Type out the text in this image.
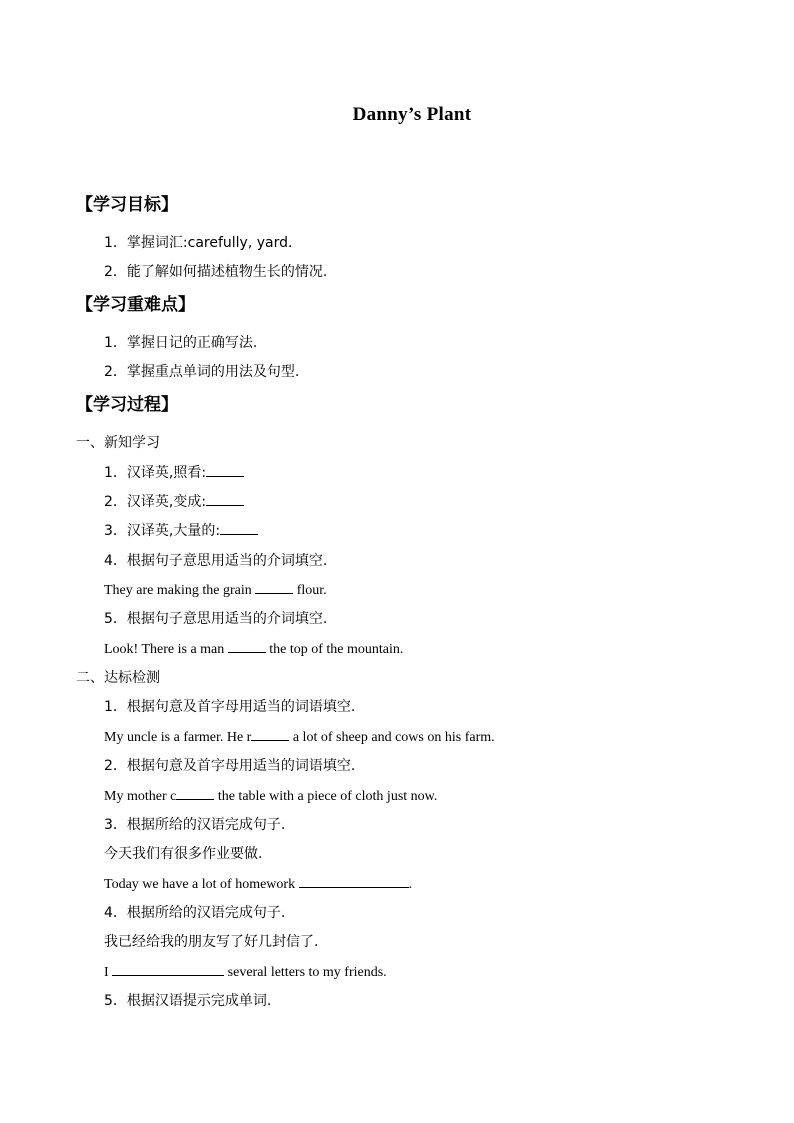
Danny’s Plant
【学习目标】
1．掌握词汇:carefully, yard．
2．能了解如何描述植物生长的情况.
【学习重难点】
1．掌握日记的正确写法.
2．掌握重点单词的用法及句型.
【学习过程】
一、新知学习
1．汉译英,照看:
2．汉译英,变成:
3．汉译英,大量的:
4．根据句子意思用适当的介词填空.
They are making the grain	flour.
5．根据句子意思用适当的介词填空.
Look! There is a man	the top of the mountain.
二、达标检测
1．根据句意及首字母用适当的词语填空.
My uncle is a farmer. He r	a lot of sheep and cows on his farm.
2．根据句意及首字母用适当的词语填空.
My mother c	the table with a piece of cloth just now.
3．根据所给的汉语完成句子.
今天我们有很多作业要做.
Today we have a lot of homework	.
4．根据所给的汉语完成句子.
我已经给我的朋友写了好几封信了.
I	several letters to my friends.
5．根据汉语提示完成单词.
